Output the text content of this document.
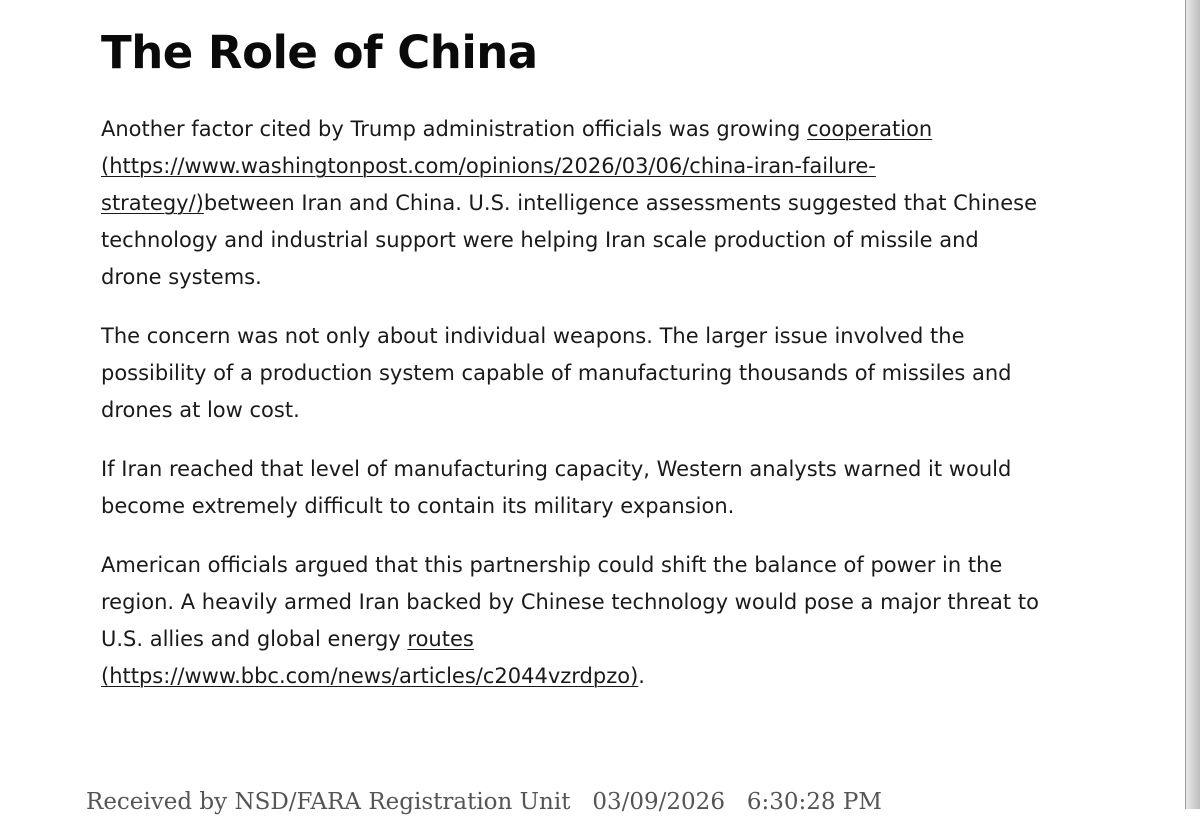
The Role of China

Another factor cited by Trump administration officials was growing cooperation
(https://www.washingtonpost.com/opinions/2026/03/06/china-iran-failure-strategy/)between Iran and China. U.S. intelligence assessments suggested that Chinese technology and industrial support were helping Iran scale production of missile and drone systems.

The concern was not only about individual weapons. The larger issue involved the possibility of a production system capable of manufacturing thousands of missiles and drones at low cost.

If Iran reached that level of manufacturing capacity, Western analysts warned it would become extremely difficult to contain its military expansion.

American officials argued that this partnership could shift the balance of power in the region. A heavily armed Iran backed by Chinese technology would pose a major threat to U.S. allies and global energy routes
(https://www.bbc.com/news/articles/c2044vzrdpzo).

Received by NSD/FARA Registration Unit   03/09/2026   6:30:28 PM
